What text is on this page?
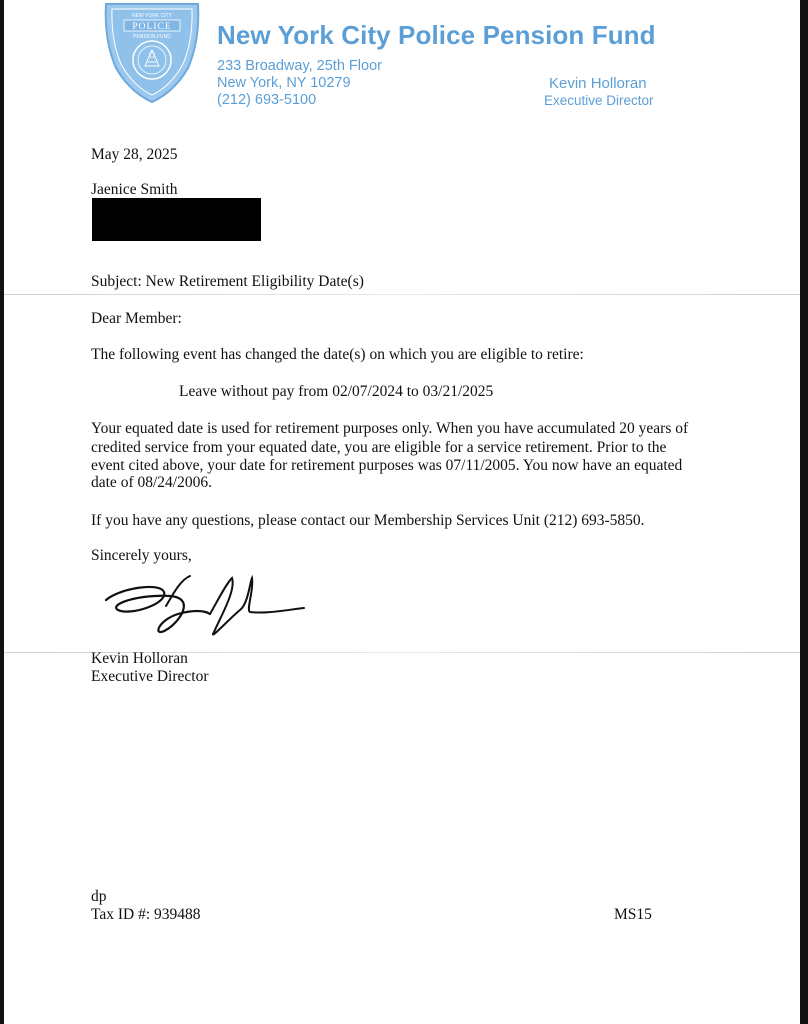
NEW YORK CITY
POLICE
PENSION FUND New York City Police Pension Fund
233 Broadway, 25th Floor
New York, NY 10279
(212) 693-5100
Kevin Holloran
Executive Director
May 28, 2025
Jaenice Smith
Subject: New Retirement Eligibility Date(s)
Dear Member:
The following event has changed the date(s) on which you are eligible to retire:
Leave without pay from 02/07/2024 to 03/21/2025
Your equated date is used for retirement purposes only. When you have accumulated 20 years of
credited service from your equated date, you are eligible for a service retirement. Prior to the
event cited above, your date for retirement purposes was 07/11/2005. You now have an equated
date of 08/24/2006.
If you have any questions, please contact our Membership Services Unit (212) 693-5850.
Sincerely yours,
Kevin Holloran
Executive Director
dp
Tax ID #: 939488	MS15
